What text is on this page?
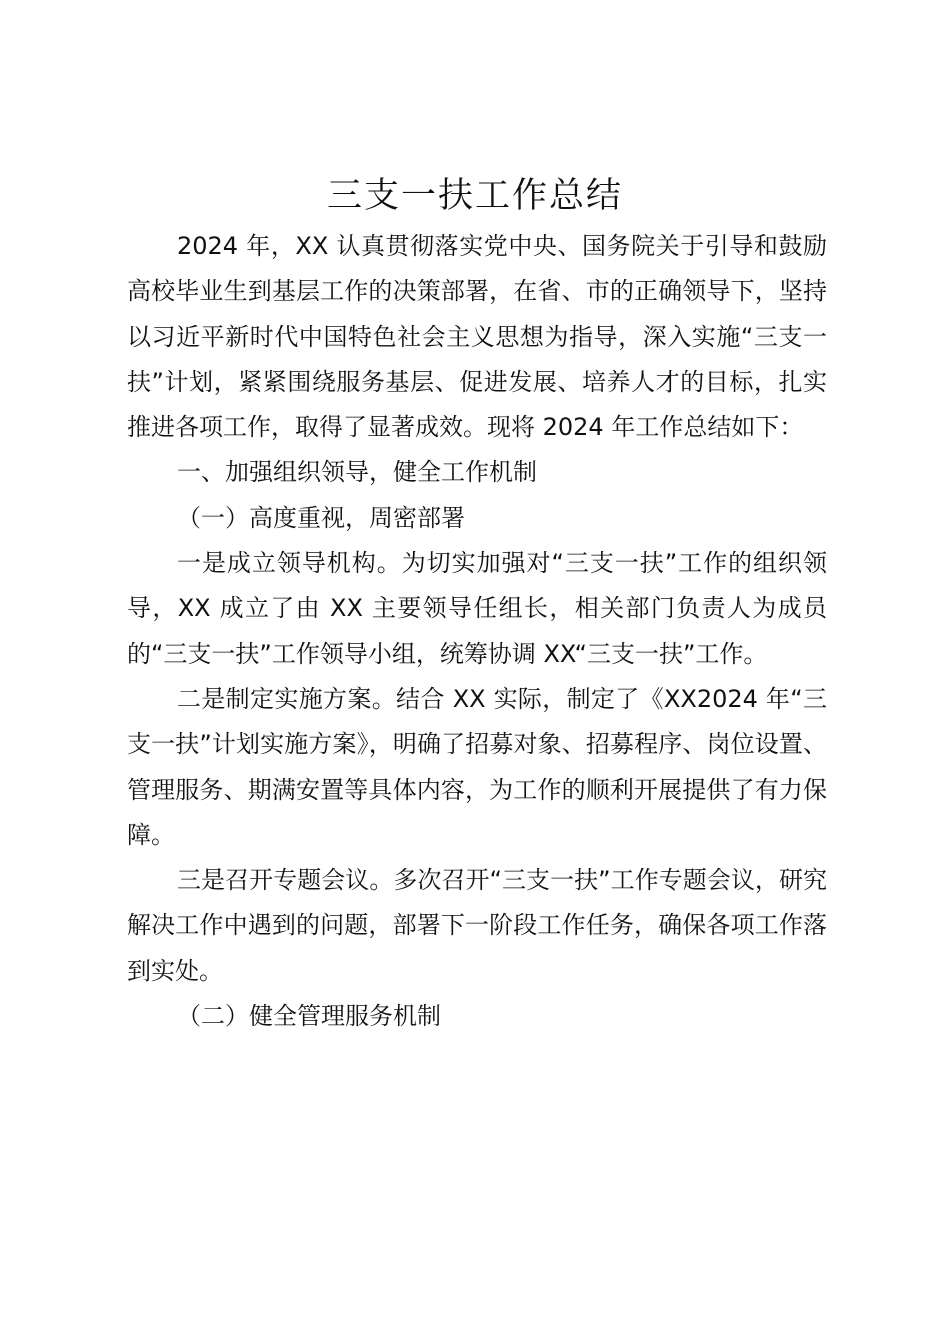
三支一扶工作总结

2024 年，XX 认真贯彻落实党中央、国务院关于引导和鼓励高校毕业生到基层工作的决策部署，在省、市的正确领导下，坚持以习近平新时代中国特色社会主义思想为指导，深入实施“三支一扶”计划，紧紧围绕服务基层、促进发展、培养人才的目标，扎实推进各项工作，取得了显著成效。现将 2024 年工作总结如下：

一、加强组织领导，健全工作机制

（一）高度重视，周密部署

一是成立领导机构。为切实加强对“三支一扶”工作的组织领导，XX 成立了由 XX 主要领导任组长，相关部门负责人为成员的“三支一扶”工作领导小组，统筹协调 XX“三支一扶”工作。

二是制定实施方案。结合 XX 实际，制定了《XX2024 年“三支一扶”计划实施方案》，明确了招募对象、招募程序、岗位设置、管理服务、期满安置等具体内容，为工作的顺利开展提供了有力保障。

三是召开专题会议。多次召开“三支一扶”工作专题会议，研究解决工作中遇到的问题，部署下一阶段工作任务，确保各项工作落到实处。

（二）健全管理服务机制
